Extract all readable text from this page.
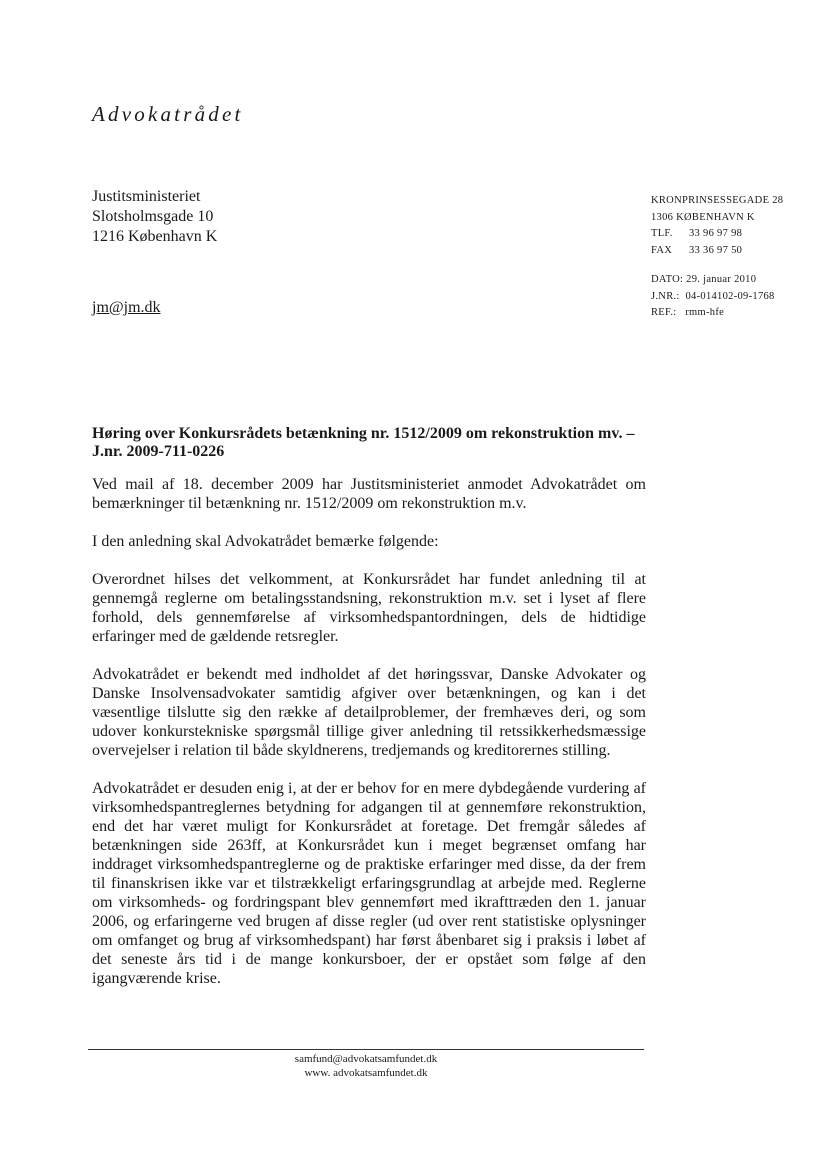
Advokatrådet
Justitsministeriet
Slotsholmsgade 10
1216 København K
jm@jm.dk
KRONPRINSESSEGADE 28
1306 KØBENHAVN K
TLF. 33 96 97 98
FAX 33 36 97 50
DATO: 29. januar 2010
J.NR.: 04-014102-09-1768
REF.: rmm-hfe
Høring over Konkursrådets betænkning nr. 1512/2009 om rekonstruktion mv. – J.nr. 2009-711-0226

Ved mail af 18. december 2009 har Justitsministeriet anmodet Advokatrådet om bemærkninger til betænkning nr. 1512/2009 om rekonstruktion m.v.

I den anledning skal Advokatrådet bemærke følgende:

Overordnet hilses det velkomment, at Konkursrådet har fundet anledning til at gennemgå reglerne om betalingsstandsning, rekonstruktion m.v. set i lyset af flere forhold, dels gennemførelse af virksomhedspantordningen, dels de hidtidige erfaringer med de gældende retsregler.

Advokatrådet er bekendt med indholdet af det høringssvar, Danske Advokater og Danske Insolvensadvokater samtidig afgiver over betænkningen, og kan i det væsentlige tilslutte sig den række af detailproblemer, der fremhæves deri, og som udover konkurstekniske spørgsmål tillige giver anledning til retssikkerhedsmæssige overvejelser i relation til både skyldnerens, tredjemands og kreditorernes stilling.

Advokatrådet er desuden enig i, at der er behov for en mere dybdegående vurdering af virksomhedspantreglernes betydning for adgangen til at gennemføre rekonstruktion, end det har været muligt for Konkursrådet at foretage. Det fremgår således af betænkningen side 263ff, at Konkursrådet kun i meget begrænset omfang har inddraget virksomhedspantreglerne og de praktiske erfaringer med disse, da der frem til finanskrisen ikke var et tilstrækkeligt erfaringsgrundlag at arbejde med. Reglerne om virksomheds- og fordringspant blev gennemført med ikrafttræden den 1. januar 2006, og erfaringerne ved brugen af disse regler (ud over rent statistiske oplysninger om omfanget og brug af virksomhedspant) har først åbenbaret sig i praksis i løbet af det seneste års tid i de mange konkursboer, der er opstået som følge af den igangværende krise.

samfund@advokatsamfundet.dk
www. advokatsamfundet.dk
